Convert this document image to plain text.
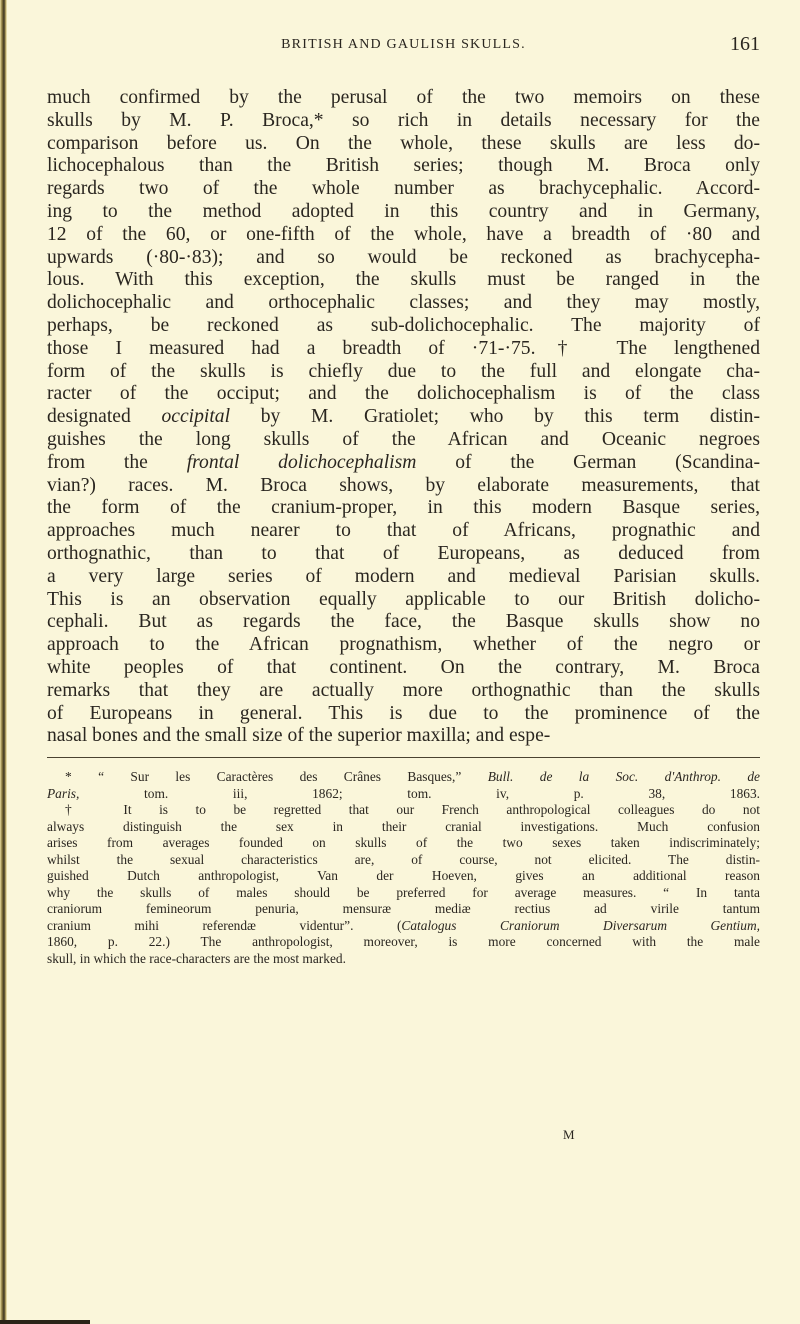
BRITISH AND GAULISH SKULLS.	161
much confirmed by the perusal of the two memoirs on these
skulls by M. P. Broca,* so rich in details necessary for the
comparison before us. On the whole, these skulls are less do-
lichocephalous than the British series; though M. Broca only
regards two of the whole number as brachycephalic. Accord-
ing to the method adopted in this country and in Germany,
12 of the 60, or one-fifth of the whole, have a breadth of ·80 and
upwards (·80-·83); and so would be reckoned as brachycepha-
lous. With this exception, the skulls must be ranged in the
dolichocephalic and orthocephalic classes; and they may mostly,
perhaps, be reckoned as sub-dolichocephalic. The majority of
those I measured had a breadth of ·71-·75.† The lengthened
form of the skulls is chiefly due to the full and elongate cha-
racter of the occiput; and the dolichocephalism is of the class
designated occipital by M. Gratiolet; who by this term distin-
guishes the long skulls of the African and Oceanic negroes
from the frontal dolichocephalism of the German (Scandina-
vian?) races. M. Broca shows, by elaborate measurements, that
the form of the cranium-proper, in this modern Basque series,
approaches much nearer to that of Africans, prognathic and
orthognathic, than to that of Europeans, as deduced from
a very large series of modern and medieval Parisian skulls.
This is an observation equally applicable to our British dolicho-
cephali. But as regards the face, the Basque skulls show no
approach to the African prognathism, whether of the negro or
white peoples of that continent. On the contrary, M. Broca
remarks that they are actually more orthognathic than the skulls
of Europeans in general. This is due to the prominence of the
nasal bones and the small size of the superior maxilla; and espe-
* “ Sur les Caractères des Crânes Basques,” Bull. de la Soc. d'Anthrop. de
Paris, tom. iii, 1862; tom. iv, p. 38, 1863.
† It is to be regretted that our French anthropological colleagues do not
always distinguish the sex in their cranial investigations. Much confusion
arises from averages founded on skulls of the two sexes taken indiscriminately;
whilst the sexual characteristics are, of course, not elicited. The distin-
guished Dutch anthropologist, Van der Hoeven, gives an additional reason
why the skulls of males should be preferred for average measures. “ In tanta
craniorum femineorum penuria, mensuræ mediæ rectius ad virile tantum
cranium mihi referendæ videntur”. (Catalogus Craniorum Diversarum Gentium,
1860, p. 22.) The anthropologist, moreover, is more concerned with the male
skull, in which the race-characters are the most marked.
M
